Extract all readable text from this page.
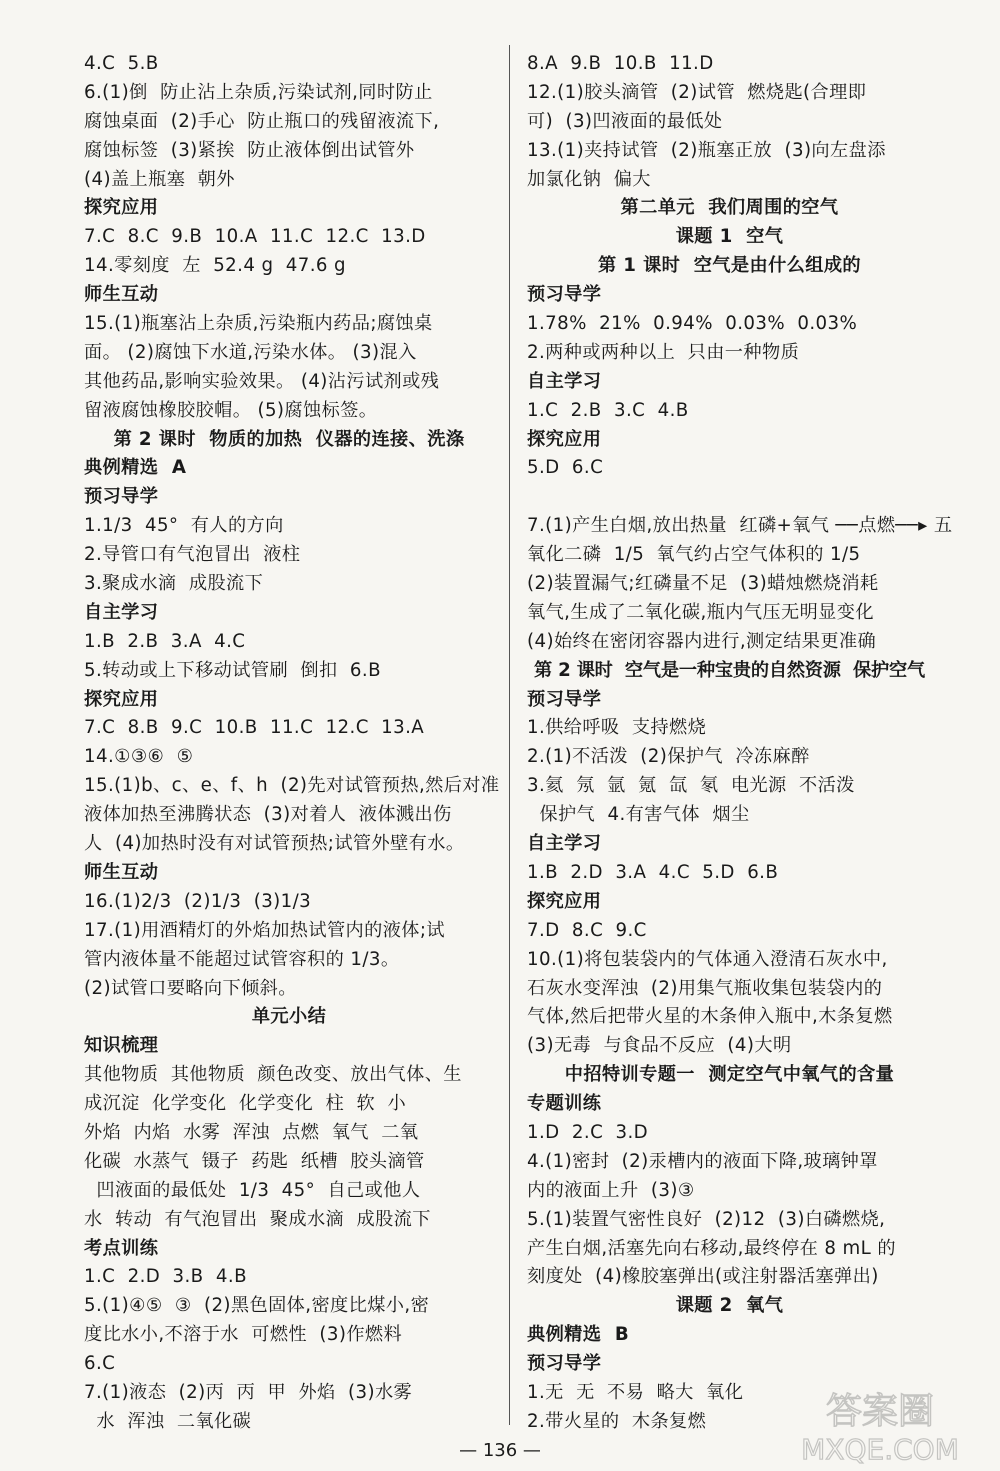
4.C  5.B
6.(1)倒  防止沾上杂质,污染试剂,同时防止
腐蚀桌面  (2)手心  防止瓶口的残留液流下,
腐蚀标签  (3)紧挨  防止液体倒出试管外
(4)盖上瓶塞  朝外
探究应用
7.C  8.C  9.B  10.A  11.C  12.C  13.D
14.零刻度  左  52.4 g  47.6 g
师生互动
15.(1)瓶塞沾上杂质,污染瓶内药品;腐蚀桌
面。 (2)腐蚀下水道,污染水体。 (3)混入
其他药品,影响实验效果。 (4)沾污试剂或残
留液腐蚀橡胶胶帽。 (5)腐蚀标签。
第 2 课时  物质的加热  仪器的连接、洗涤
典例精选  A
预习导学
1.1/3  45°  有人的方向
2.导管口有气泡冒出  液柱
3.聚成水滴  成股流下
自主学习
1.B  2.B  3.A  4.C
5.转动或上下移动试管刷  倒扣  6.B
探究应用
7.C  8.B  9.C  10.B  11.C  12.C  13.A
14.①③⑥  ⑤
15.(1)b、c、e、f、h  (2)先对试管预热,然后对准
液体加热至沸腾状态  (3)对着人  液体溅出伤
人  (4)加热时没有对试管预热;试管外壁有水。
师生互动
16.(1)2/3  (2)1/3  (3)1/3
17.(1)用酒精灯的外焰加热试管内的液体;试
管内液体量不能超过试管容积的 1/3。
(2)试管口要略向下倾斜。
单元小结
知识梳理
其他物质  其他物质  颜色改变、放出气体、生
成沉淀  化学变化  化学变化  柱  软  小
外焰  内焰  水雾  浑浊  点燃  氧气  二氧
化碳  水蒸气  镊子  药匙  纸槽  胶头滴管
凹液面的最低处  1/3  45°  自己或他人
水  转动  有气泡冒出  聚成水滴  成股流下
考点训练
1.C  2.D  3.B  4.B
5.(1)④⑤  ③  (2)黑色固体,密度比煤小,密
度比水小,不溶于水  可燃性  (3)作燃料
6.C
7.(1)液态  (2)丙  丙  甲  外焰  (3)水雾
水  浑浊  二氧化碳
8.A  9.B  10.B  11.D
12.(1)胶头滴管  (2)试管  燃烧匙(合理即
可)  (3)凹液面的最低处
13.(1)夹持试管  (2)瓶塞正放  (3)向左盘添
加氯化钠  偏大
第二单元  我们周围的空气
课题 1  空气
第 1 课时  空气是由什么组成的
预习导学
1.78%  21%  0.94%  0.03%  0.03%
2.两种或两种以上  只由一种物质
自主学习
1.C  2.B  3.C  4.B
探究应用
5.D  6.C
7.(1)产生白烟,放出热量  红磷+氧气 ──点燃──▸ 五
氧化二磷  1/5  氧气约占空气体积的 1/5
(2)装置漏气;红磷量不足  (3)蜡烛燃烧消耗
氧气,生成了二氧化碳,瓶内气压无明显变化
(4)始终在密闭容器内进行,测定结果更准确
第 2 课时  空气是一种宝贵的自然资源  保护空气
预习导学
1.供给呼吸  支持燃烧
2.(1)不活泼  (2)保护气  冷冻麻醉
3.氦  氖  氩  氪  氙  氡  电光源  不活泼
保护气  4.有害气体  烟尘
自主学习
1.B  2.D  3.A  4.C  5.D  6.B
探究应用
7.D  8.C  9.C
10.(1)将包装袋内的气体通入澄清石灰水中,
石灰水变浑浊  (2)用集气瓶收集包装袋内的
气体,然后把带火星的木条伸入瓶中,木条复燃
(3)无毒  与食品不反应  (4)大明
中招特训专题一  测定空气中氧气的含量
专题训练
1.D  2.C  3.D
4.(1)密封  (2)汞槽内的液面下降,玻璃钟罩
内的液面上升  (3)③
5.(1)装置气密性良好  (2)12  (3)白磷燃烧,
产生白烟,活塞先向右移动,最终停在 8 mL 的
刻度处  (4)橡胶塞弹出(或注射器活塞弹出)
课题 2  氧气
典例精选  B
预习导学
1.无  无  不易  略大  氧化
2.带火星的  木条复燃
— 136 —
答案圈
MXQE.COM
